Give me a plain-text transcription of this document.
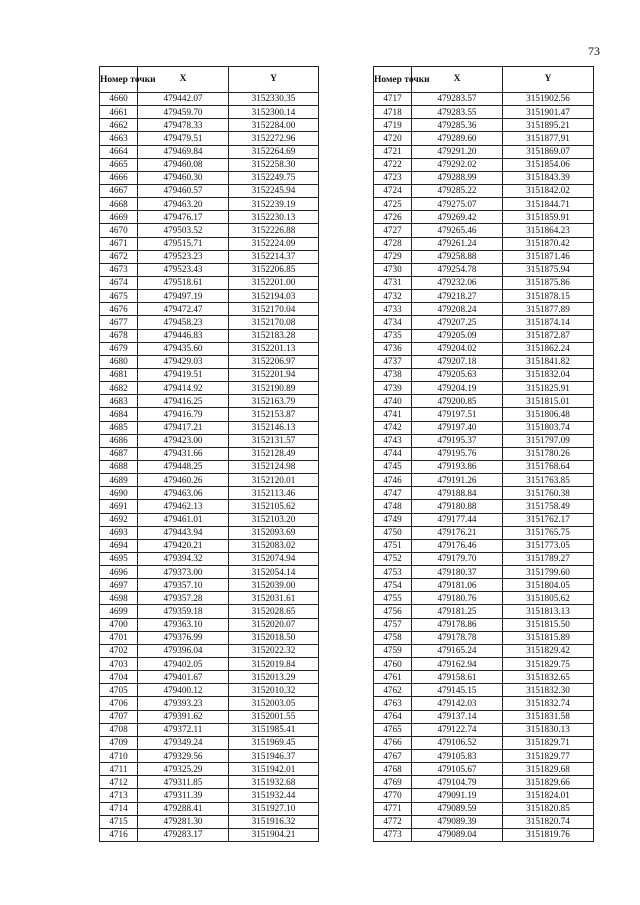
73
Номер точки	X	Y
4660	479442.07	3152330.35
4661	479459.70	3152300.14
4662	479478.33	3152284.00
4663	479479.51	3152272.96
4664	479469.84	3152264.69
4665	479460.08	3152258.30
4666	479460.30	3152249.75
4667	479460.57	3152245.94
4668	479463.20	3152239.19
4669	479476.17	3152230.13
4670	479503.52	3152226.88
4671	479515.71	3152224.09
4672	479523.23	3152214.37
4673	479523.43	3152206.85
4674	479518.61	3152201.00
4675	479497.19	3152194.03
4676	479472.47	3152170.04
4677	479458.23	3152170.08
4678	479446.83	3152183.28
4679	479435.60	3152201.13
4680	479429.03	3152206.97
4681	479419.51	3152201.94
4682	479414.92	3152190.89
4683	479416.25	3152163.79
4684	479416.79	3152153.87
4685	479417.21	3152146.13
4686	479423.00	3152131.57
4687	479431.66	3152128.49
4688	479448.25	3152124.98
4689	479460.26	3152120.01
4690	479463.06	3152113.46
4691	479462.13	3152105.62
4692	479461.01	3152103.20
4693	479443.94	3152093.69
4694	479420.21	3152083.02
4695	479394.32	3152074.94
4696	479373.00	3152054.14
4697	479357.10	3152039.00
4698	479357.28	3152031.61
4699	479359.18	3152028.65
4700	479363.10	3152020.07
4701	479376.99	3152018.50
4702	479396.04	3152022.32
4703	479402.05	3152019.84
4704	479401.67	3152013.29
4705	479400.12	3152010.32
4706	479393.23	3152003.05
4707	479391.62	3152001.55
4708	479372.11	3151985.41
4709	479349.24	3151969.45
4710	479329.56	3151946.37
4711	479325.29	3151942.01
4712	479311.85	3151932.68
4713	479311.39	3151932.44
4714	479288.41	3151927.10
4715	479281.30	3151916.32
4716	479283.17	3151904.21
Номер точки	X	Y
4717	479283.57	3151902.56
4718	479283.55	3151901.47
4719	479285.36	3151895.21
4720	479289.60	3151877.91
4721	479291.20	3151869.07
4722	479292.02	3151854.06
4723	479288.99	3151843.39
4724	479285.22	3151842.02
4725	479275.07	3151844.71
4726	479269.42	3151859.91
4727	479265.46	3151864.23
4728	479261.24	3151870.42
4729	479258.88	3151871.46
4730	479254.78	3151875.94
4731	479232.06	3151875.86
4732	479218.27	3151878.15
4733	479208.24	3151877.89
4734	479207.25	3151874.14
4735	479205.09	3151872.87
4736	479204.02	3151862.24
4737	479207.18	3151841.82
4738	479205.63	3151832.04
4739	479204.19	3151825.91
4740	479200.85	3151815.01
4741	479197.51	3151806.48
4742	479197.40	3151803.74
4743	479195.37	3151797.09
4744	479195.76	3151780.26
4745	479193.86	3151768.64
4746	479191.26	3151763.85
4747	479188.84	3151760.38
4748	479180.88	3151758.49
4749	479177.44	3151762.17
4750	479176.21	3151765.75
4751	479176.46	3151773.05
4752	479179.70	3151789.27
4753	479180.37	3151799.60
4754	479181.06	3151804.05
4755	479180.76	3151805.62
4756	479181.25	3151813.13
4757	479178.86	3151815.50
4758	479178.78	3151815.89
4759	479165.24	3151829.42
4760	479162.94	3151829.75
4761	479158.61	3151832.65
4762	479145.15	3151832.30
4763	479142.03	3151832.74
4764	479137.14	3151831.58
4765	479122.74	3151830.13
4766	479106.52	3151829.71
4767	479105.83	3151829.77
4768	479105.67	3151829.68
4769	479104.79	3151829.66
4770	479091.19	3151824.01
4771	479089.59	3151820.85
4772	479089.39	3151820.74
4773	479089.04	3151819.76
